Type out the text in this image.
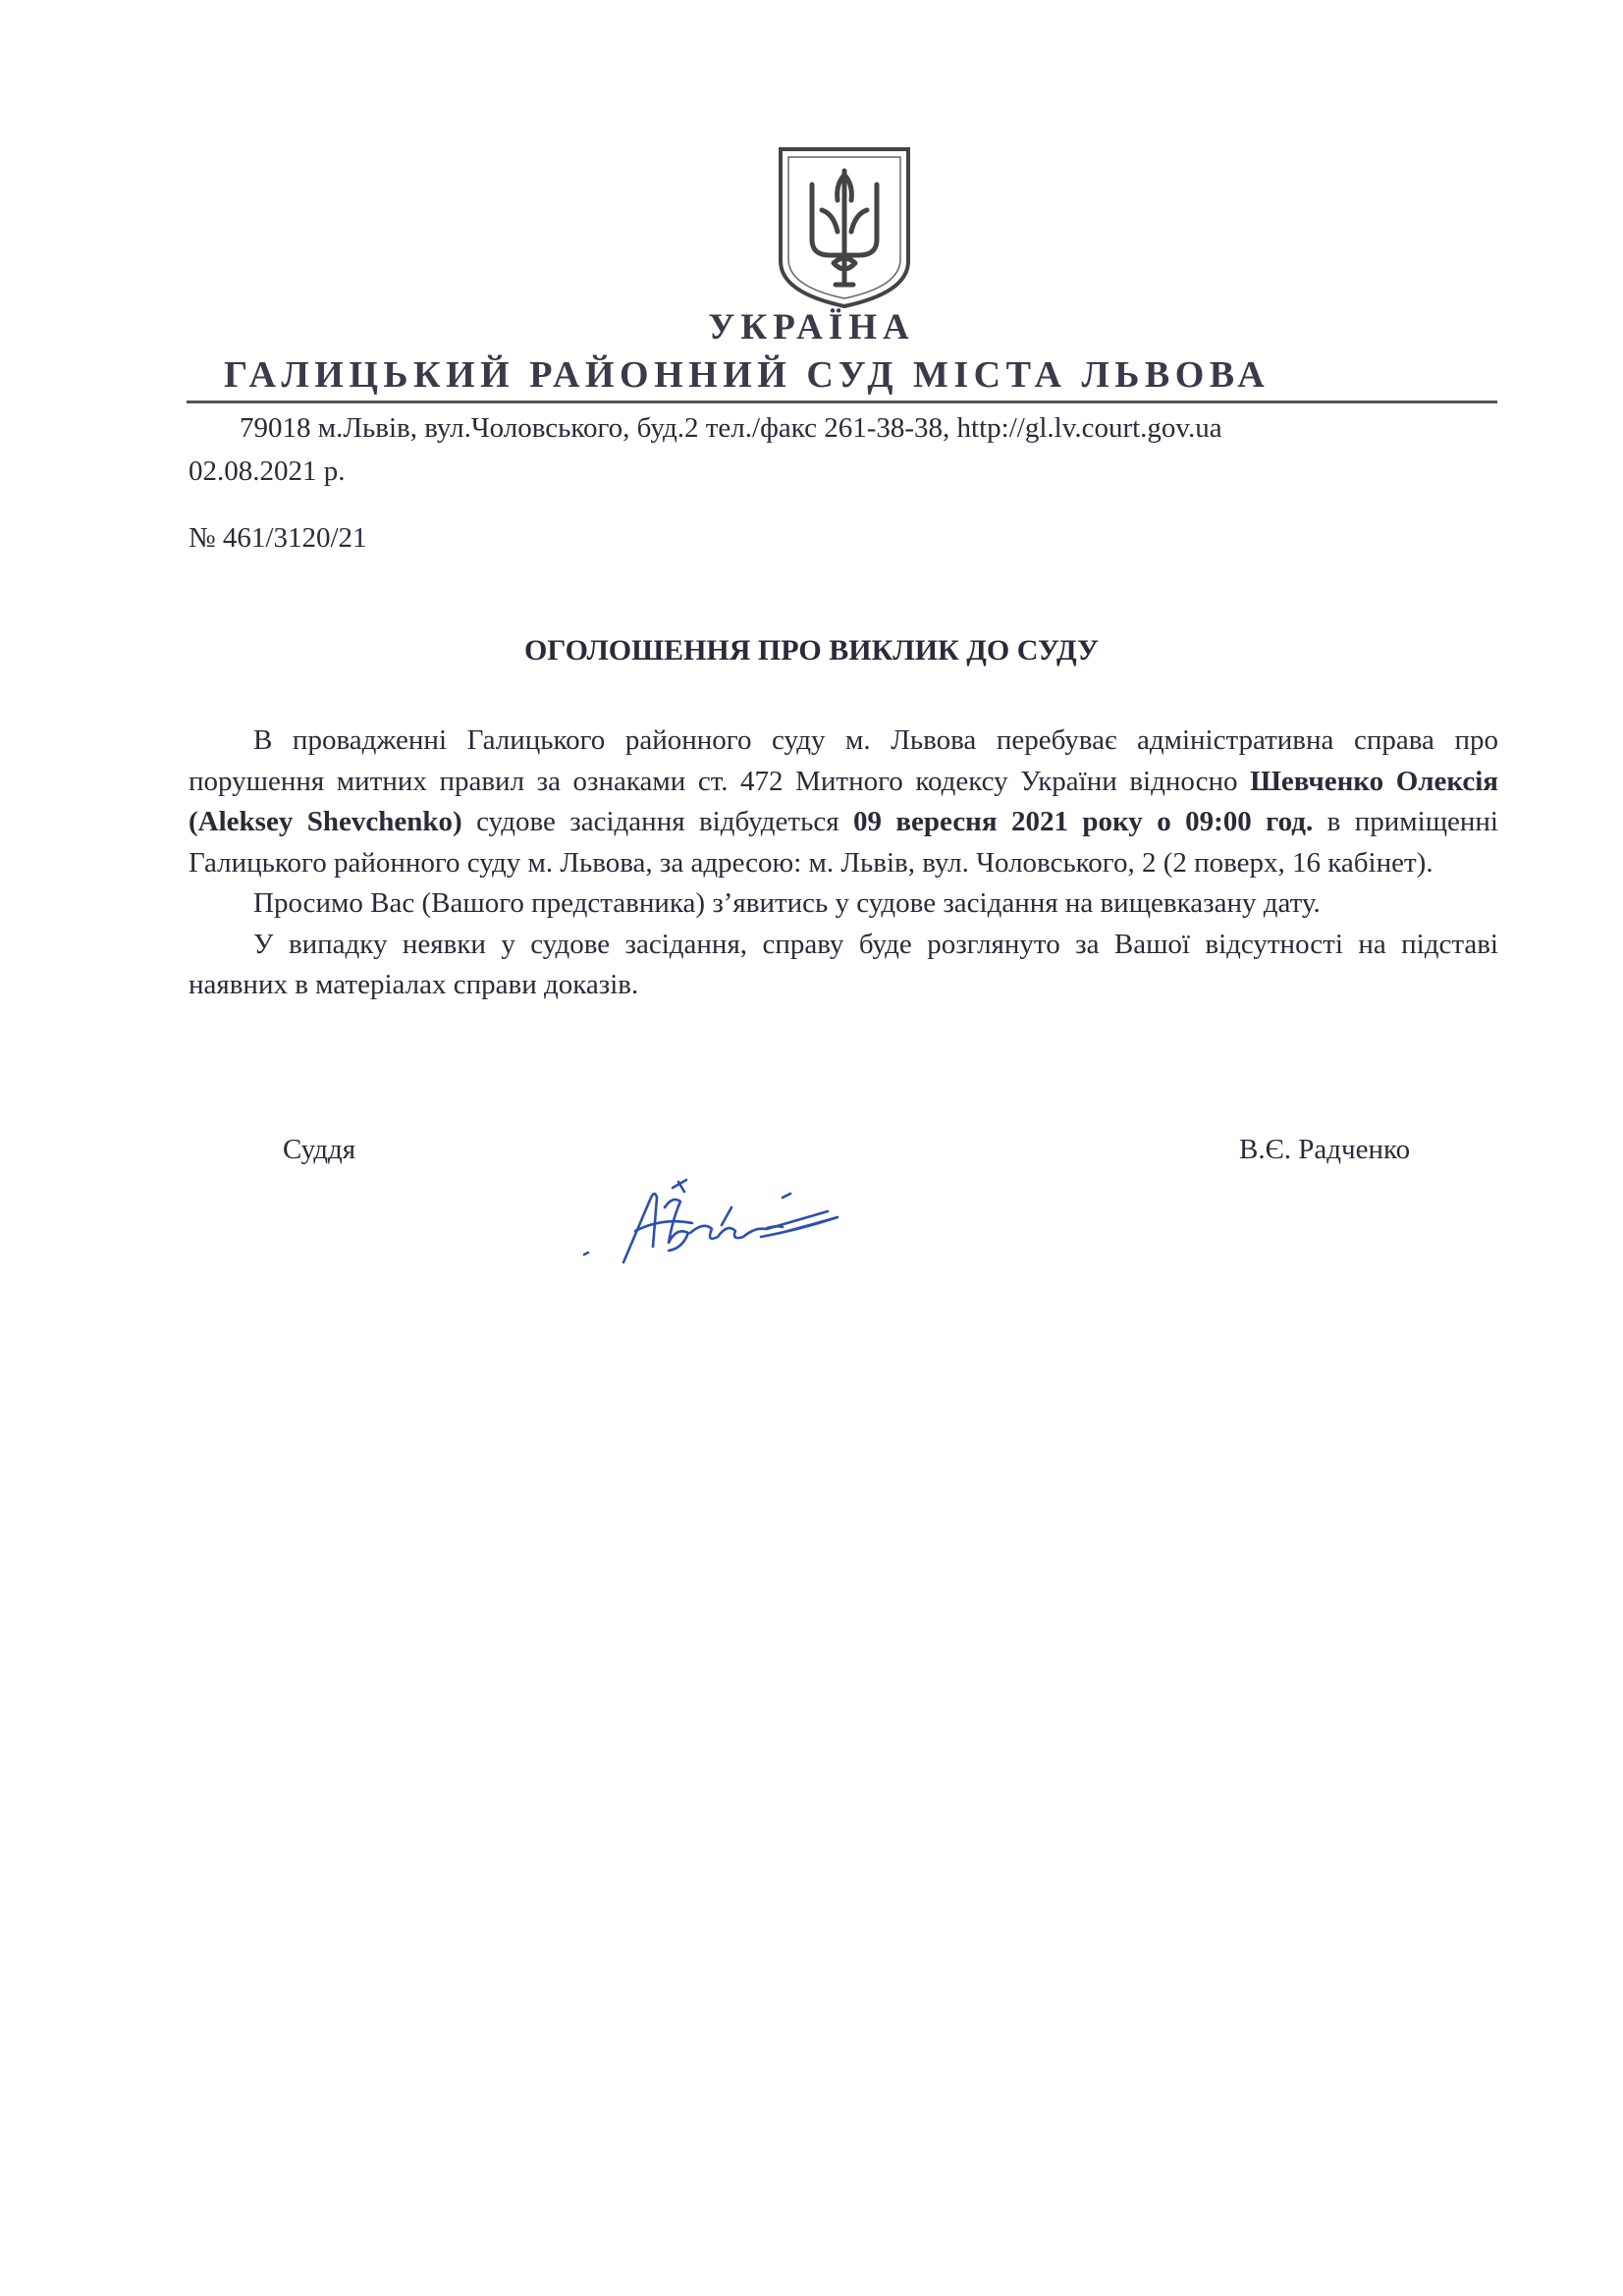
УКРАЇНА
ГАЛИЦЬКИЙ РАЙОННИЙ СУД МІСТА ЛЬВОВА
79018 м.Львів, вул.Чоловського, буд.2 тел./факс 261-38-38, http://gl.lv.court.gov.ua
02.08.2021 р.
№ 461/3120/21
ОГОЛОШЕННЯ ПРО ВИКЛИК ДО СУДУ

В провадженні Галицького районного суду м. Львова перебуває адміністративна справа про порушення митних правил за ознаками ст. 472 Митного кодексу України відносно Шевченко Олексія (Aleksey Shevchenko) судове засідання відбудеться 09 вересня 2021 року о 09:00 год. в приміщенні Галицького районного суду м. Львова, за адресою: м. Львів, вул. Чоловського, 2 (2 поверх, 16 кабінет).

Просимо Вас (Вашого представника) з’явитись у судове засідання на вищевказану дату.

У випадку неявки у судове засідання, справу буде розглянуто за Вашої відсутності на підставі наявних в матеріалах справи доказів.

Суддя	В.Є. Радченко
